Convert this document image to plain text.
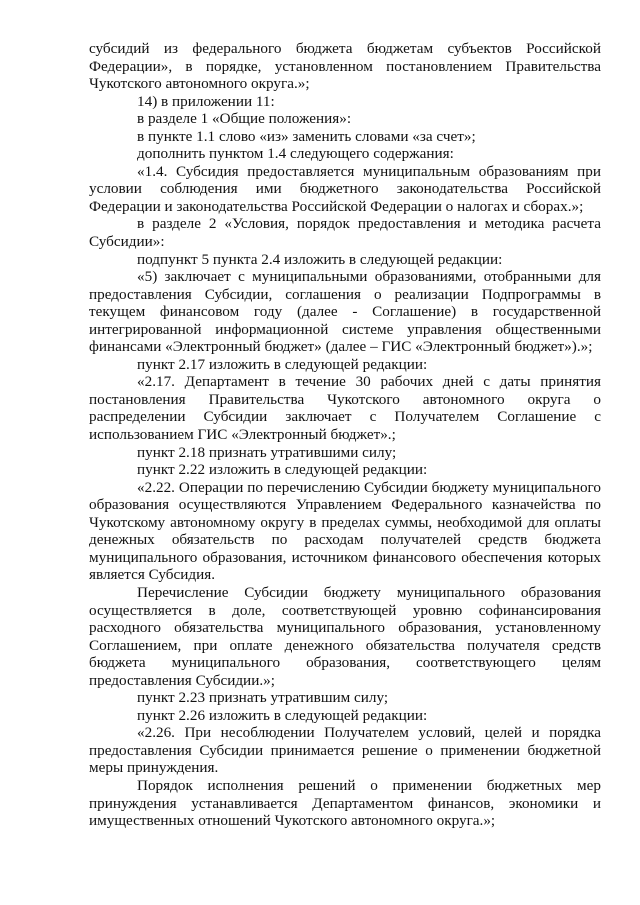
субсидий из федерального бюджета бюджетам субъектов Российской Федерации», в порядке, установленном постановлением Правительства Чукотского автономного округа.»;

14) в приложении 11:

в разделе 1 «Общие положения»:

в пункте 1.1 слово «из» заменить словами «за счет»;

дополнить пунктом 1.4 следующего содержания:

«1.4. Субсидия предоставляется муниципальным образованиям при условии соблюдения ими бюджетного законодательства Российской Федерации и законодательства Российской Федерации о налогах и сборах.»;

в разделе 2 «Условия, порядок предоставления и методика расчета Субсидии»:

подпункт 5 пункта 2.4 изложить в следующей редакции:

«5) заключает с муниципальными образованиями, отобранными для предоставления Субсидии, соглашения о реализации Подпрограммы в текущем финансовом году (далее - Соглашение) в государственной интегрированной информационной системе управления общественными финансами «Электронный бюджет» (далее – ГИС «Электронный бюджет»).»;

пункт 2.17 изложить в следующей редакции:

«2.17. Департамент в течение 30 рабочих дней с даты принятия постановления Правительства Чукотского автономного округа о распределении Субсидии заключает с Получателем Соглашение с использованием ГИС «Электронный бюджет».;

пункт 2.18 признать утратившими силу;

пункт 2.22 изложить в следующей редакции:

«2.22. Операции по перечислению Субсидии бюджету муниципального образования осуществляются Управлением Федерального казначейства по Чукотскому автономному округу в пределах суммы, необходимой для оплаты денежных обязательств по расходам получателей средств бюджета муниципального образования, источником финансового обеспечения которых является Субсидия.

Перечисление Субсидии бюджету муниципального образования осуществляется в доле, соответствующей уровню софинансирования расходного обязательства муниципального образования, установленному Соглашением, при оплате денежного обязательства получателя средств бюджета муниципального образования, соответствующего целям предоставления Субсидии.»;

пункт 2.23 признать утратившим силу;

пункт 2.26 изложить в следующей редакции:

«2.26. При несоблюдении Получателем условий, целей и порядка предоставления Субсидии принимается решение о применении бюджетной меры принуждения.

Порядок исполнения решений о применении бюджетных мер принуждения устанавливается Департаментом финансов, экономики и имущественных отношений Чукотского автономного округа.»;
